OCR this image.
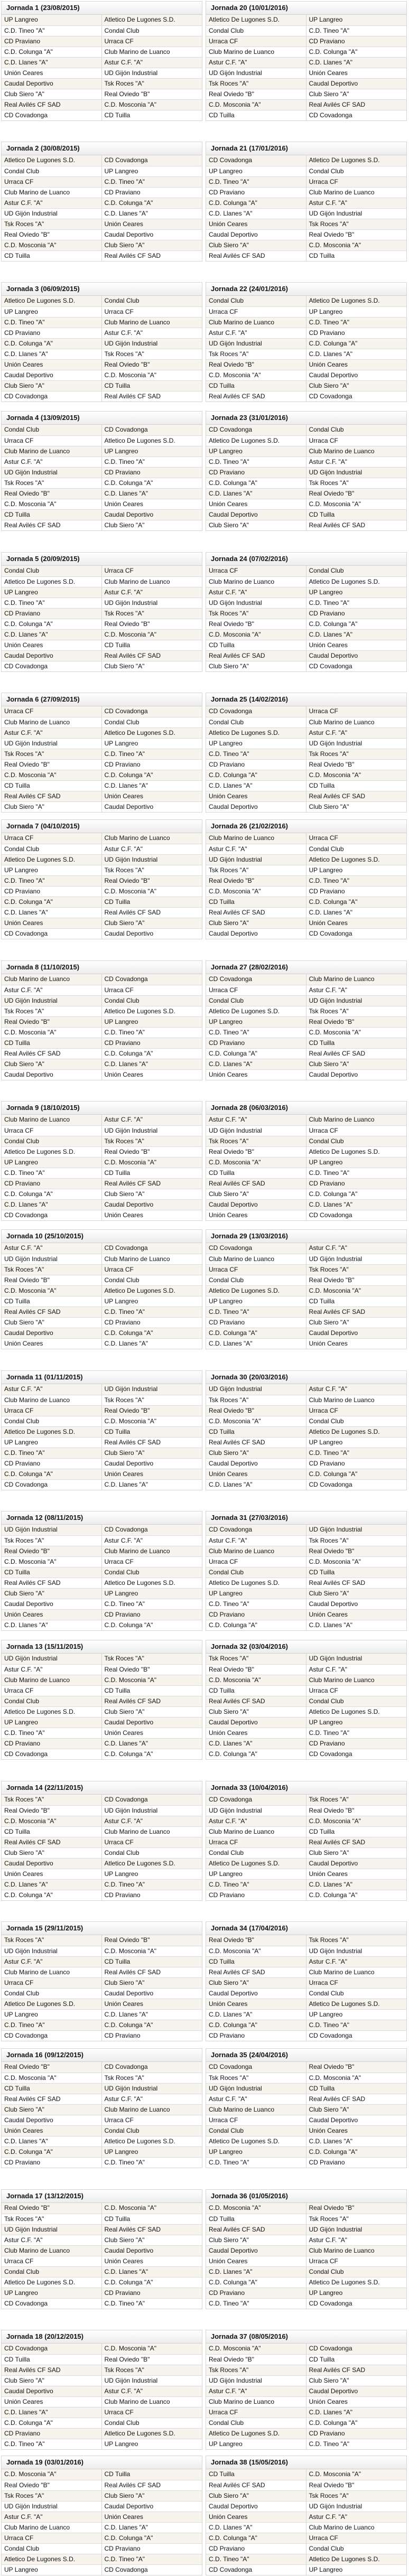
Jornada 1 (23/08/2015)
UP Langreo	Atletico De Lugones S.D.
C.D. Tineo "A"	Condal Club
CD Praviano	Urraca CF
C.D. Colunga "A"	Club Marino de Luanco
C.D. Llanes "A"	Astur C.F. "A"
Unión Ceares	UD Gijón Industrial
Caudal Deportivo	Tsk Roces "A"
Club Siero "A"	Real Oviedo "B"
Real Avilés CF SAD	C.D. Mosconia "A"
CD Covadonga	CD Tuilla
Jornada 20 (10/01/2016)
Atletico De Lugones S.D.	UP Langreo
Condal Club	C.D. Tineo "A"
Urraca CF	CD Praviano
Club Marino de Luanco	C.D. Colunga "A"
Astur C.F. "A"	C.D. Llanes "A"
UD Gijón Industrial	Unión Ceares
Tsk Roces "A"	Caudal Deportivo
Real Oviedo "B"	Club Siero "A"
C.D. Mosconia "A"	Real Avilés CF SAD
CD Tuilla	CD Covadonga
Jornada 2 (30/08/2015)
Atletico De Lugones S.D.	CD Covadonga
Condal Club	UP Langreo
Urraca CF	C.D. Tineo "A"
Club Marino de Luanco	CD Praviano
Astur C.F. "A"	C.D. Colunga "A"
UD Gijón Industrial	C.D. Llanes "A"
Tsk Roces "A"	Unión Ceares
Real Oviedo "B"	Caudal Deportivo
C.D. Mosconia "A"	Club Siero "A"
CD Tuilla	Real Avilés CF SAD
Jornada 21 (17/01/2016)
CD Covadonga	Atletico De Lugones S.D.
UP Langreo	Condal Club
C.D. Tineo "A"	Urraca CF
CD Praviano	Club Marino de Luanco
C.D. Colunga "A"	Astur C.F. "A"
C.D. Llanes "A"	UD Gijón Industrial
Unión Ceares	Tsk Roces "A"
Caudal Deportivo	Real Oviedo "B"
Club Siero "A"	C.D. Mosconia "A"
Real Avilés CF SAD	CD Tuilla
Jornada 3 (06/09/2015)
Atletico De Lugones S.D.	Condal Club
UP Langreo	Urraca CF
C.D. Tineo "A"	Club Marino de Luanco
CD Praviano	Astur C.F. "A"
C.D. Colunga "A"	UD Gijón Industrial
C.D. Llanes "A"	Tsk Roces "A"
Unión Ceares	Real Oviedo "B"
Caudal Deportivo	C.D. Mosconia "A"
Club Siero "A"	CD Tuilla
CD Covadonga	Real Avilés CF SAD
Jornada 22 (24/01/2016)
Condal Club	Atletico De Lugones S.D.
Urraca CF	UP Langreo
Club Marino de Luanco	C.D. Tineo "A"
Astur C.F. "A"	CD Praviano
UD Gijón Industrial	C.D. Colunga "A"
Tsk Roces "A"	C.D. Llanes "A"
Real Oviedo "B"	Unión Ceares
C.D. Mosconia "A"	Caudal Deportivo
CD Tuilla	Club Siero "A"
Real Avilés CF SAD	CD Covadonga
Jornada 4 (13/09/2015)
Condal Club	CD Covadonga
Urraca CF	Atletico De Lugones S.D.
Club Marino de Luanco	UP Langreo
Astur C.F. "A"	C.D. Tineo "A"
UD Gijón Industrial	CD Praviano
Tsk Roces "A"	C.D. Colunga "A"
Real Oviedo "B"	C.D. Llanes "A"
C.D. Mosconia "A"	Unión Ceares
CD Tuilla	Caudal Deportivo
Real Avilés CF SAD	Club Siero "A"
Jornada 23 (31/01/2016)
CD Covadonga	Condal Club
Atletico De Lugones S.D.	Urraca CF
UP Langreo	Club Marino de Luanco
C.D. Tineo "A"	Astur C.F. "A"
CD Praviano	UD Gijón Industrial
C.D. Colunga "A"	Tsk Roces "A"
C.D. Llanes "A"	Real Oviedo "B"
Unión Ceares	C.D. Mosconia "A"
Caudal Deportivo	CD Tuilla
Club Siero "A"	Real Avilés CF SAD
Jornada 5 (20/09/2015)
Condal Club	Urraca CF
Atletico De Lugones S.D.	Club Marino de Luanco
UP Langreo	Astur C.F. "A"
C.D. Tineo "A"	UD Gijón Industrial
CD Praviano	Tsk Roces "A"
C.D. Colunga "A"	Real Oviedo "B"
C.D. Llanes "A"	C.D. Mosconia "A"
Unión Ceares	CD Tuilla
Caudal Deportivo	Real Avilés CF SAD
CD Covadonga	Club Siero "A"
Jornada 24 (07/02/2016)
Urraca CF	Condal Club
Club Marino de Luanco	Atletico De Lugones S.D.
Astur C.F. "A"	UP Langreo
UD Gijón Industrial	C.D. Tineo "A"
Tsk Roces "A"	CD Praviano
Real Oviedo "B"	C.D. Colunga "A"
C.D. Mosconia "A"	C.D. Llanes "A"
CD Tuilla	Unión Ceares
Real Avilés CF SAD	Caudal Deportivo
Club Siero "A"	CD Covadonga
Jornada 6 (27/09/2015)
Urraca CF	CD Covadonga
Club Marino de Luanco	Condal Club
Astur C.F. "A"	Atletico De Lugones S.D.
UD Gijón Industrial	UP Langreo
Tsk Roces "A"	C.D. Tineo "A"
Real Oviedo "B"	CD Praviano
C.D. Mosconia "A"	C.D. Colunga "A"
CD Tuilla	C.D. Llanes "A"
Real Avilés CF SAD	Unión Ceares
Club Siero "A"	Caudal Deportivo
Jornada 25 (14/02/2016)
CD Covadonga	Urraca CF
Condal Club	Club Marino de Luanco
Atletico De Lugones S.D.	Astur C.F. "A"
UP Langreo	UD Gijón Industrial
C.D. Tineo "A"	Tsk Roces "A"
CD Praviano	Real Oviedo "B"
C.D. Colunga "A"	C.D. Mosconia "A"
C.D. Llanes "A"	CD Tuilla
Unión Ceares	Real Avilés CF SAD
Caudal Deportivo	Club Siero "A"
Jornada 7 (04/10/2015)
Urraca CF	Club Marino de Luanco
Condal Club	Astur C.F. "A"
Atletico De Lugones S.D.	UD Gijón Industrial
UP Langreo	Tsk Roces "A"
C.D. Tineo "A"	Real Oviedo "B"
CD Praviano	C.D. Mosconia "A"
C.D. Colunga "A"	CD Tuilla
C.D. Llanes "A"	Real Avilés CF SAD
Unión Ceares	Club Siero "A"
CD Covadonga	Caudal Deportivo
Jornada 26 (21/02/2016)
Club Marino de Luanco	Urraca CF
Astur C.F. "A"	Condal Club
UD Gijón Industrial	Atletico De Lugones S.D.
Tsk Roces "A"	UP Langreo
Real Oviedo "B"	C.D. Tineo "A"
C.D. Mosconia "A"	CD Praviano
CD Tuilla	C.D. Colunga "A"
Real Avilés CF SAD	C.D. Llanes "A"
Club Siero "A"	Unión Ceares
Caudal Deportivo	CD Covadonga
Jornada 8 (11/10/2015)
Club Marino de Luanco	CD Covadonga
Astur C.F. "A"	Urraca CF
UD Gijón Industrial	Condal Club
Tsk Roces "A"	Atletico De Lugones S.D.
Real Oviedo "B"	UP Langreo
C.D. Mosconia "A"	C.D. Tineo "A"
CD Tuilla	CD Praviano
Real Avilés CF SAD	C.D. Colunga "A"
Club Siero "A"	C.D. Llanes "A"
Caudal Deportivo	Unión Ceares
Jornada 27 (28/02/2016)
CD Covadonga	Club Marino de Luanco
Urraca CF	Astur C.F. "A"
Condal Club	UD Gijón Industrial
Atletico De Lugones S.D.	Tsk Roces "A"
UP Langreo	Real Oviedo "B"
C.D. Tineo "A"	C.D. Mosconia "A"
CD Praviano	CD Tuilla
C.D. Colunga "A"	Real Avilés CF SAD
C.D. Llanes "A"	Club Siero "A"
Unión Ceares	Caudal Deportivo
Jornada 9 (18/10/2015)
Club Marino de Luanco	Astur C.F. "A"
Urraca CF	UD Gijón Industrial
Condal Club	Tsk Roces "A"
Atletico De Lugones S.D.	Real Oviedo "B"
UP Langreo	C.D. Mosconia "A"
C.D. Tineo "A"	CD Tuilla
CD Praviano	Real Avilés CF SAD
C.D. Colunga "A"	Club Siero "A"
C.D. Llanes "A"	Caudal Deportivo
CD Covadonga	Unión Ceares
Jornada 28 (06/03/2016)
Astur C.F. "A"	Club Marino de Luanco
UD Gijón Industrial	Urraca CF
Tsk Roces "A"	Condal Club
Real Oviedo "B"	Atletico De Lugones S.D.
C.D. Mosconia "A"	UP Langreo
CD Tuilla	C.D. Tineo "A"
Real Avilés CF SAD	CD Praviano
Club Siero "A"	C.D. Colunga "A"
Caudal Deportivo	C.D. Llanes "A"
Unión Ceares	CD Covadonga
Jornada 10 (25/10/2015)
Astur C.F. "A"	CD Covadonga
UD Gijón Industrial	Club Marino de Luanco
Tsk Roces "A"	Urraca CF
Real Oviedo "B"	Condal Club
C.D. Mosconia "A"	Atletico De Lugones S.D.
CD Tuilla	UP Langreo
Real Avilés CF SAD	C.D. Tineo "A"
Club Siero "A"	CD Praviano
Caudal Deportivo	C.D. Colunga "A"
Unión Ceares	C.D. Llanes "A"
Jornada 29 (13/03/2016)
CD Covadonga	Astur C.F. "A"
Club Marino de Luanco	UD Gijón Industrial
Urraca CF	Tsk Roces "A"
Condal Club	Real Oviedo "B"
Atletico De Lugones S.D.	C.D. Mosconia "A"
UP Langreo	CD Tuilla
C.D. Tineo "A"	Real Avilés CF SAD
CD Praviano	Club Siero "A"
C.D. Colunga "A"	Caudal Deportivo
C.D. Llanes "A"	Unión Ceares
Jornada 11 (01/11/2015)
Astur C.F. "A"	UD Gijón Industrial
Club Marino de Luanco	Tsk Roces "A"
Urraca CF	Real Oviedo "B"
Condal Club	C.D. Mosconia "A"
Atletico De Lugones S.D.	CD Tuilla
UP Langreo	Real Avilés CF SAD
C.D. Tineo "A"	Club Siero "A"
CD Praviano	Caudal Deportivo
C.D. Colunga "A"	Unión Ceares
CD Covadonga	C.D. Llanes "A"
Jornada 30 (20/03/2016)
UD Gijón Industrial	Astur C.F. "A"
Tsk Roces "A"	Club Marino de Luanco
Real Oviedo "B"	Urraca CF
C.D. Mosconia "A"	Condal Club
CD Tuilla	Atletico De Lugones S.D.
Real Avilés CF SAD	UP Langreo
Club Siero "A"	C.D. Tineo "A"
Caudal Deportivo	CD Praviano
Unión Ceares	C.D. Colunga "A"
C.D. Llanes "A"	CD Covadonga
Jornada 12 (08/11/2015)
UD Gijón Industrial	CD Covadonga
Tsk Roces "A"	Astur C.F. "A"
Real Oviedo "B"	Club Marino de Luanco
C.D. Mosconia "A"	Urraca CF
CD Tuilla	Condal Club
Real Avilés CF SAD	Atletico De Lugones S.D.
Club Siero "A"	UP Langreo
Caudal Deportivo	C.D. Tineo "A"
Unión Ceares	CD Praviano
C.D. Llanes "A"	C.D. Colunga "A"
Jornada 31 (27/03/2016)
CD Covadonga	UD Gijón Industrial
Astur C.F. "A"	Tsk Roces "A"
Club Marino de Luanco	Real Oviedo "B"
Urraca CF	C.D. Mosconia "A"
Condal Club	CD Tuilla
Atletico De Lugones S.D.	Real Avilés CF SAD
UP Langreo	Club Siero "A"
C.D. Tineo "A"	Caudal Deportivo
CD Praviano	Unión Ceares
C.D. Colunga "A"	C.D. Llanes "A"
Jornada 13 (15/11/2015)
UD Gijón Industrial	Tsk Roces "A"
Astur C.F. "A"	Real Oviedo "B"
Club Marino de Luanco	C.D. Mosconia "A"
Urraca CF	CD Tuilla
Condal Club	Real Avilés CF SAD
Atletico De Lugones S.D.	Club Siero "A"
UP Langreo	Caudal Deportivo
C.D. Tineo "A"	Unión Ceares
CD Praviano	C.D. Llanes "A"
CD Covadonga	C.D. Colunga "A"
Jornada 32 (03/04/2016)
Tsk Roces "A"	UD Gijón Industrial
Real Oviedo "B"	Astur C.F. "A"
C.D. Mosconia "A"	Club Marino de Luanco
CD Tuilla	Urraca CF
Real Avilés CF SAD	Condal Club
Club Siero "A"	Atletico De Lugones S.D.
Caudal Deportivo	UP Langreo
Unión Ceares	C.D. Tineo "A"
C.D. Llanes "A"	CD Praviano
C.D. Colunga "A"	CD Covadonga
Jornada 14 (22/11/2015)
Tsk Roces "A"	CD Covadonga
Real Oviedo "B"	UD Gijón Industrial
C.D. Mosconia "A"	Astur C.F. "A"
CD Tuilla	Club Marino de Luanco
Real Avilés CF SAD	Urraca CF
Club Siero "A"	Condal Club
Caudal Deportivo	Atletico De Lugones S.D.
Unión Ceares	UP Langreo
C.D. Llanes "A"	C.D. Tineo "A"
C.D. Colunga "A"	CD Praviano
Jornada 33 (10/04/2016)
CD Covadonga	Tsk Roces "A"
UD Gijón Industrial	Real Oviedo "B"
Astur C.F. "A"	C.D. Mosconia "A"
Club Marino de Luanco	CD Tuilla
Urraca CF	Real Avilés CF SAD
Condal Club	Club Siero "A"
Atletico De Lugones S.D.	Caudal Deportivo
UP Langreo	Unión Ceares
C.D. Tineo "A"	C.D. Llanes "A"
CD Praviano	C.D. Colunga "A"
Jornada 15 (29/11/2015)
Tsk Roces "A"	Real Oviedo "B"
UD Gijón Industrial	C.D. Mosconia "A"
Astur C.F. "A"	CD Tuilla
Club Marino de Luanco	Real Avilés CF SAD
Urraca CF	Club Siero "A"
Condal Club	Caudal Deportivo
Atletico De Lugones S.D.	Unión Ceares
UP Langreo	C.D. Llanes "A"
C.D. Tineo "A"	C.D. Colunga "A"
CD Covadonga	CD Praviano
Jornada 34 (17/04/2016)
Real Oviedo "B"	Tsk Roces "A"
C.D. Mosconia "A"	UD Gijón Industrial
CD Tuilla	Astur C.F. "A"
Real Avilés CF SAD	Club Marino de Luanco
Club Siero "A"	Urraca CF
Caudal Deportivo	Condal Club
Unión Ceares	Atletico De Lugones S.D.
C.D. Llanes "A"	UP Langreo
C.D. Colunga "A"	C.D. Tineo "A"
CD Praviano	CD Covadonga
Jornada 16 (09/12/2015)
Real Oviedo "B"	CD Covadonga
C.D. Mosconia "A"	Tsk Roces "A"
CD Tuilla	UD Gijón Industrial
Real Avilés CF SAD	Astur C.F. "A"
Club Siero "A"	Club Marino de Luanco
Caudal Deportivo	Urraca CF
Unión Ceares	Condal Club
C.D. Llanes "A"	Atletico De Lugones S.D.
C.D. Colunga "A"	UP Langreo
CD Praviano	C.D. Tineo "A"
Jornada 35 (24/04/2016)
CD Covadonga	Real Oviedo "B"
Tsk Roces "A"	C.D. Mosconia "A"
UD Gijón Industrial	CD Tuilla
Astur C.F. "A"	Real Avilés CF SAD
Club Marino de Luanco	Club Siero "A"
Urraca CF	Caudal Deportivo
Condal Club	Unión Ceares
Atletico De Lugones S.D.	C.D. Llanes "A"
UP Langreo	C.D. Colunga "A"
C.D. Tineo "A"	CD Praviano
Jornada 17 (13/12/2015)
Real Oviedo "B"	C.D. Mosconia "A"
Tsk Roces "A"	CD Tuilla
UD Gijón Industrial	Real Avilés CF SAD
Astur C.F. "A"	Club Siero "A"
Club Marino de Luanco	Caudal Deportivo
Urraca CF	Unión Ceares
Condal Club	C.D. Llanes "A"
Atletico De Lugones S.D.	C.D. Colunga "A"
UP Langreo	CD Praviano
CD Covadonga	C.D. Tineo "A"
Jornada 36 (01/05/2016)
C.D. Mosconia "A"	Real Oviedo "B"
CD Tuilla	Tsk Roces "A"
Real Avilés CF SAD	UD Gijón Industrial
Club Siero "A"	Astur C.F. "A"
Caudal Deportivo	Club Marino de Luanco
Unión Ceares	Urraca CF
C.D. Llanes "A"	Condal Club
C.D. Colunga "A"	Atletico De Lugones S.D.
CD Praviano	UP Langreo
C.D. Tineo "A"	CD Covadonga
Jornada 18 (20/12/2015)
CD Covadonga	C.D. Mosconia "A"
CD Tuilla	Real Oviedo "B"
Real Avilés CF SAD	Tsk Roces "A"
Club Siero "A"	UD Gijón Industrial
Caudal Deportivo	Astur C.F. "A"
Unión Ceares	Club Marino de Luanco
C.D. Llanes "A"	Urraca CF
C.D. Colunga "A"	Condal Club
CD Praviano	Atletico De Lugones S.D.
C.D. Tineo "A"	UP Langreo
Jornada 37 (08/05/2016)
C.D. Mosconia "A"	CD Covadonga
Real Oviedo "B"	CD Tuilla
Tsk Roces "A"	Real Avilés CF SAD
UD Gijón Industrial	Club Siero "A"
Astur C.F. "A"	Caudal Deportivo
Club Marino de Luanco	Unión Ceares
Urraca CF	C.D. Llanes "A"
Condal Club	C.D. Colunga "A"
Atletico De Lugones S.D.	CD Praviano
UP Langreo	C.D. Tineo "A"
Jornada 19 (03/01/2016)
C.D. Mosconia "A"	CD Tuilla
Real Oviedo "B"	Real Avilés CF SAD
Tsk Roces "A"	Club Siero "A"
UD Gijón Industrial	Caudal Deportivo
Astur C.F. "A"	Unión Ceares
Club Marino de Luanco	C.D. Llanes "A"
Urraca CF	C.D. Colunga "A"
Condal Club	CD Praviano
Atletico De Lugones S.D.	C.D. Tineo "A"
UP Langreo	CD Covadonga
Jornada 38 (15/05/2016)
CD Tuilla	C.D. Mosconia "A"
Real Avilés CF SAD	Real Oviedo "B"
Club Siero "A"	Tsk Roces "A"
Caudal Deportivo	UD Gijón Industrial
Unión Ceares	Astur C.F. "A"
C.D. Llanes "A"	Club Marino de Luanco
C.D. Colunga "A"	Urraca CF
CD Praviano	Condal Club
C.D. Tineo "A"	Atletico De Lugones S.D.
CD Covadonga	UP Langreo
